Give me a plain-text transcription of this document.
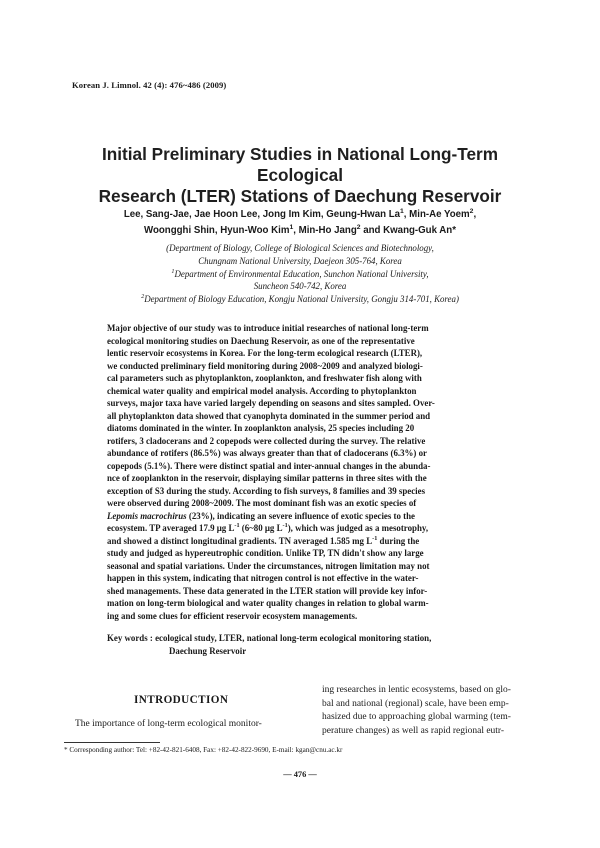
Korean J. Limnol. 42 (4): 476~486 (2009)
Initial Preliminary Studies in National Long-Term Ecological
Research (LTER) Stations of Daechung Reservoir
Lee, Sang-Jae, Jae Hoon Lee, Jong Im Kim, Geung-Hwan La$^1$, Min-Ae Yoem$^2$,
Woongghi Shin, Hyun-Woo Kim$^1$, Min-Ho Jang$^2$ and Kwang-Guk An*
(Department of Biology, College of Biological Sciences and Biotechnology,
Chungnam National University, Daejeon 305-764, Korea
$^1$Department of Environmental Education, Sunchon National University,
Suncheon 540-742, Korea
$^2$Department of Biology Education, Kongju National University, Gongju 314-701, Korea)
Major objective of our study was to introduce initial researches of national long-term
ecological monitoring studies on Daechung Reservoir, as one of the representative
lentic reservoir ecosystems in Korea. For the long-term ecological research (LTER),
we conducted preliminary field monitoring during 2008~2009 and analyzed biologi-
cal parameters such as phytoplankton, zooplankton, and freshwater fish along with
chemical water quality and empirical model analysis. According to phytoplankton
surveys, major taxa have varied largely depending on seasons and sites sampled. Over-
all phytoplankton data showed that cyanophyta dominated in the summer period and
diatoms dominated in the winter. In zooplankton analysis, 25 species including 20
rotifers, 3 cladocerans and 2 copepods were collected during the survey. The relative
abundance of rotifers (86.5%) was always greater than that of cladocerans (6.3%) or
copepods (5.1%). There were distinct spatial and inter-annual changes in the abunda-
nce of zooplankton in the reservoir, displaying similar patterns in three sites with the
exception of S3 during the study. According to fish surveys, 8 families and 39 species
were observed during 2008~2009. The most dominant fish was an exotic species of
Lepomis macrochirus (23%), indicating an severe influence of exotic species to the
ecosystem. TP averaged 17.9 μg $L^{-1}$ (6~80 μg $L^{-1}$), which was judged as a mesotrophy,
and showed a distinct longitudinal gradients. TN averaged 1.585 mg $L^{-1}$ during the
study and judged as hypereutrophic condition. Unlike TP, TN didn't show any large
seasonal and spatial variations. Under the circumstances, nitrogen limitation may not
happen in this system, indicating that nitrogen control is not effective in the water-
shed managements. These data generated in the LTER station will provide key infor-
mation on long-term biological and water quality changes in relation to global warm-
ing and some clues for efficient reservoir ecosystem managements.
Key words : ecological study, LTER, national long-term ecological monitoring station,
Daechung Reservoir
INTRODUCTION
The importance of long-term ecological monitor-
ing researches in lentic ecosystems, based on glo-
bal and national (regional) scale, have been emp-
hasized due to approaching global warming (tem-
perature changes) as well as rapid regional eutr-
* Corresponding author: Tel: +82-42-821-6408, Fax: +82-42-822-9690, E-mail: kgan@cnu.ac.kr
— 476 —
